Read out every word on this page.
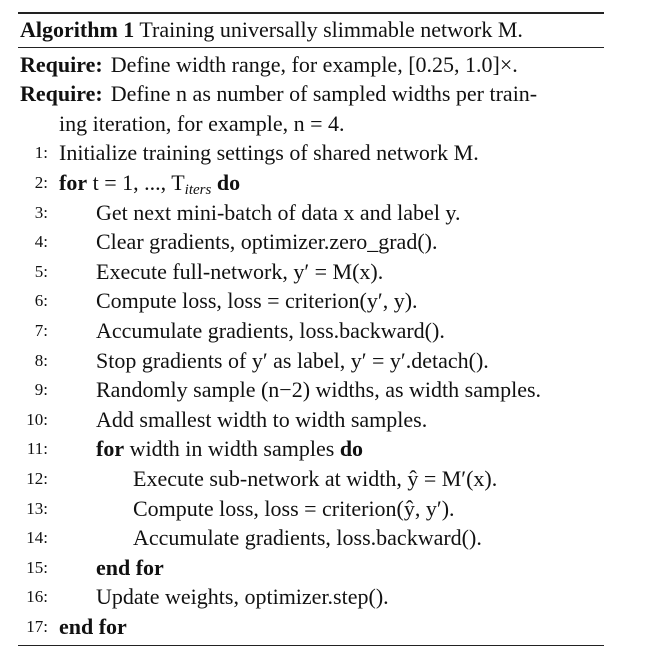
Algorithm 1 Training universally slimmable network M.
Require: Define width range, for example, [0.25, 1.0]×.
Require: Define n as number of sampled widths per train-
ing iteration, for example, n = 4.
1: Initialize training settings of shared network M.
2: for t = 1, ..., $T_{iters}$ do
3: Get next mini-batch of data x and label y.
4: Clear gradients, optimizer.zero_grad().
5: Execute full-network, y′ = M(x).
6: Compute loss, loss = criterion(y′, y).
7: Accumulate gradients, loss.backward().
8: Stop gradients of y′ as label, y′ = y′.detach().
9: Randomly sample (n−2) widths, as width samples.
10: Add smallest width to width samples.
11: for width in width samples do
12:	Execute sub-network at width, ŷ = M′(x).
13:	Compute loss, loss = criterion(ŷ, y′).
14:	Accumulate gradients, loss.backward().
15: end for
16: Update weights, optimizer.step().
17: end for
